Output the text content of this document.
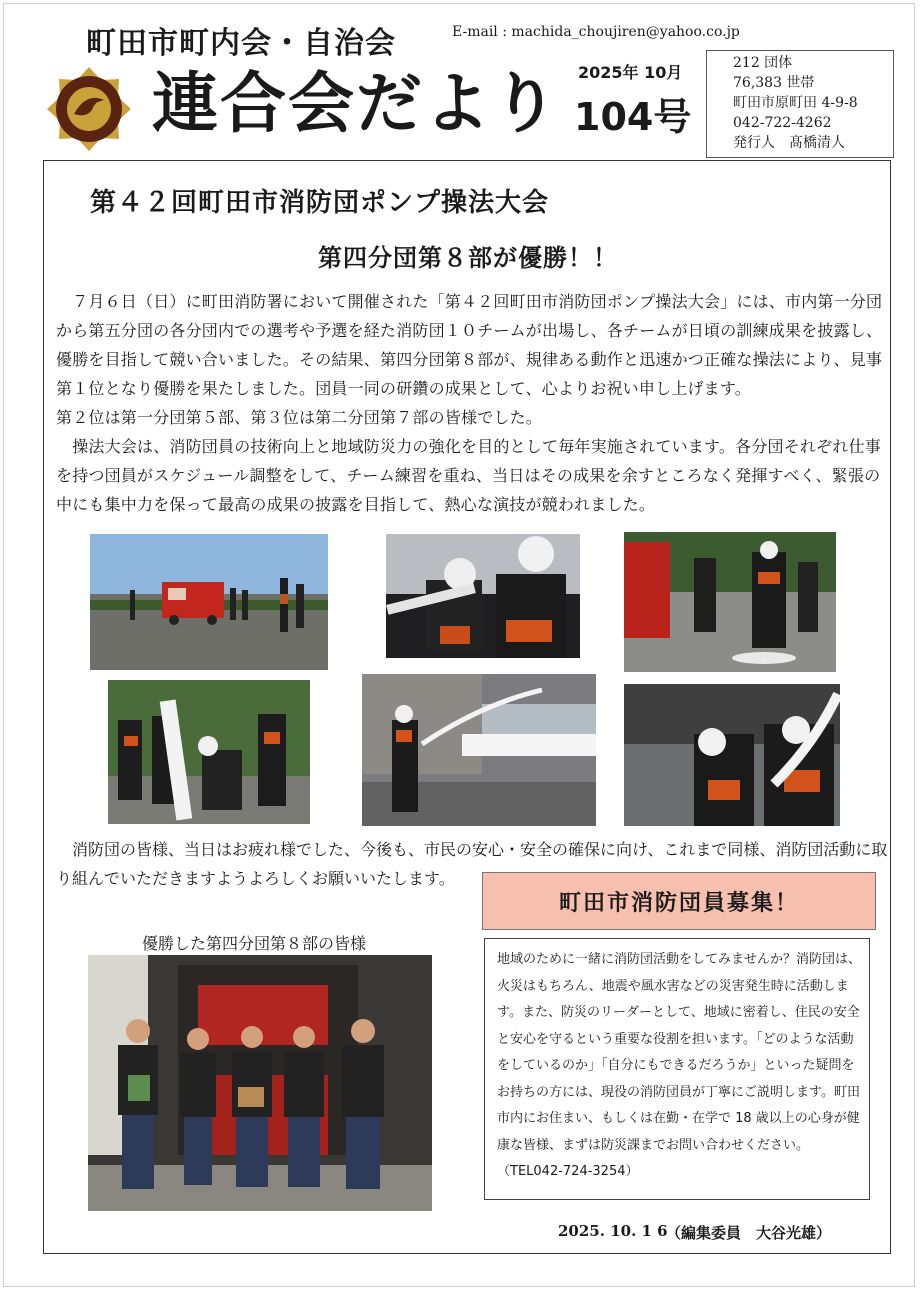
町田市町内会・自治会
連合会だより
E-mail : machida_choujiren@yahoo.co.jp
2025年 10月
104号
212 団体
76,383 世帯
町田市原町田 4-9-8
042-722-4262
発行人　髙橋清人
第４２回町田市消防団ポンプ操法大会
第四分団第８部が優勝！！

　７月６日（日）に町田消防署において開催された「第４２回町田市消防団ポンプ操法大会」には、市内第一分団から第五分団の各分団内での選考や予選を経た消防団１０チームが出場し、各チームが日頃の訓練成果を披露し、優勝を目指して競い合いました。その結果、第四分団第８部が、規律ある動作と迅速かつ正確な操法により、見事第１位となり優勝を果たしました。団員一同の研鑽の成果として、心よりお祝い申し上げます。

第２位は第一分団第５部、第３位は第二分団第７部の皆様でした。

　操法大会は、消防団員の技術向上と地域防災力の強化を目的として毎年実施されています。各分団それぞれ仕事を持つ団員がスケジュール調整をして、チーム練習を重ね、当日はその成果を余すところなく発揮すべく、緊張の中にも集中力を保って最高の成果の披露を目指して、熱心な演技が競われました。

　消防団の皆様、当日はお疲れ様でした、今後も、市民の安心・安全の確保に向け、これまで同様、消防団活動に取り組んでいただきますようよろしくお願いいたします。
優勝した第四分団第８部の皆様
町田市消防団員募集！
地域のために一緒に消防団活動をしてみませんか？消防団は、火災はもちろん、地震や風水害などの災害発生時に活動します。また、防災のリーダーとして、地域に密着し、住民の安全と安心を守るという重要な役割を担います。「どのような活動をしているのか」「自分にもできるだろうか」といった疑問をお持ちの方には、現役の消防団員が丁寧にご説明します。町田市内にお住まい、もしくは在勤・在学で 18 歳以上の心身が健康な皆様、まずは防災課までお問い合わせください。（TEL042-724-3254）
2025. 10. 1 6
（編集委員　大谷光雄）
